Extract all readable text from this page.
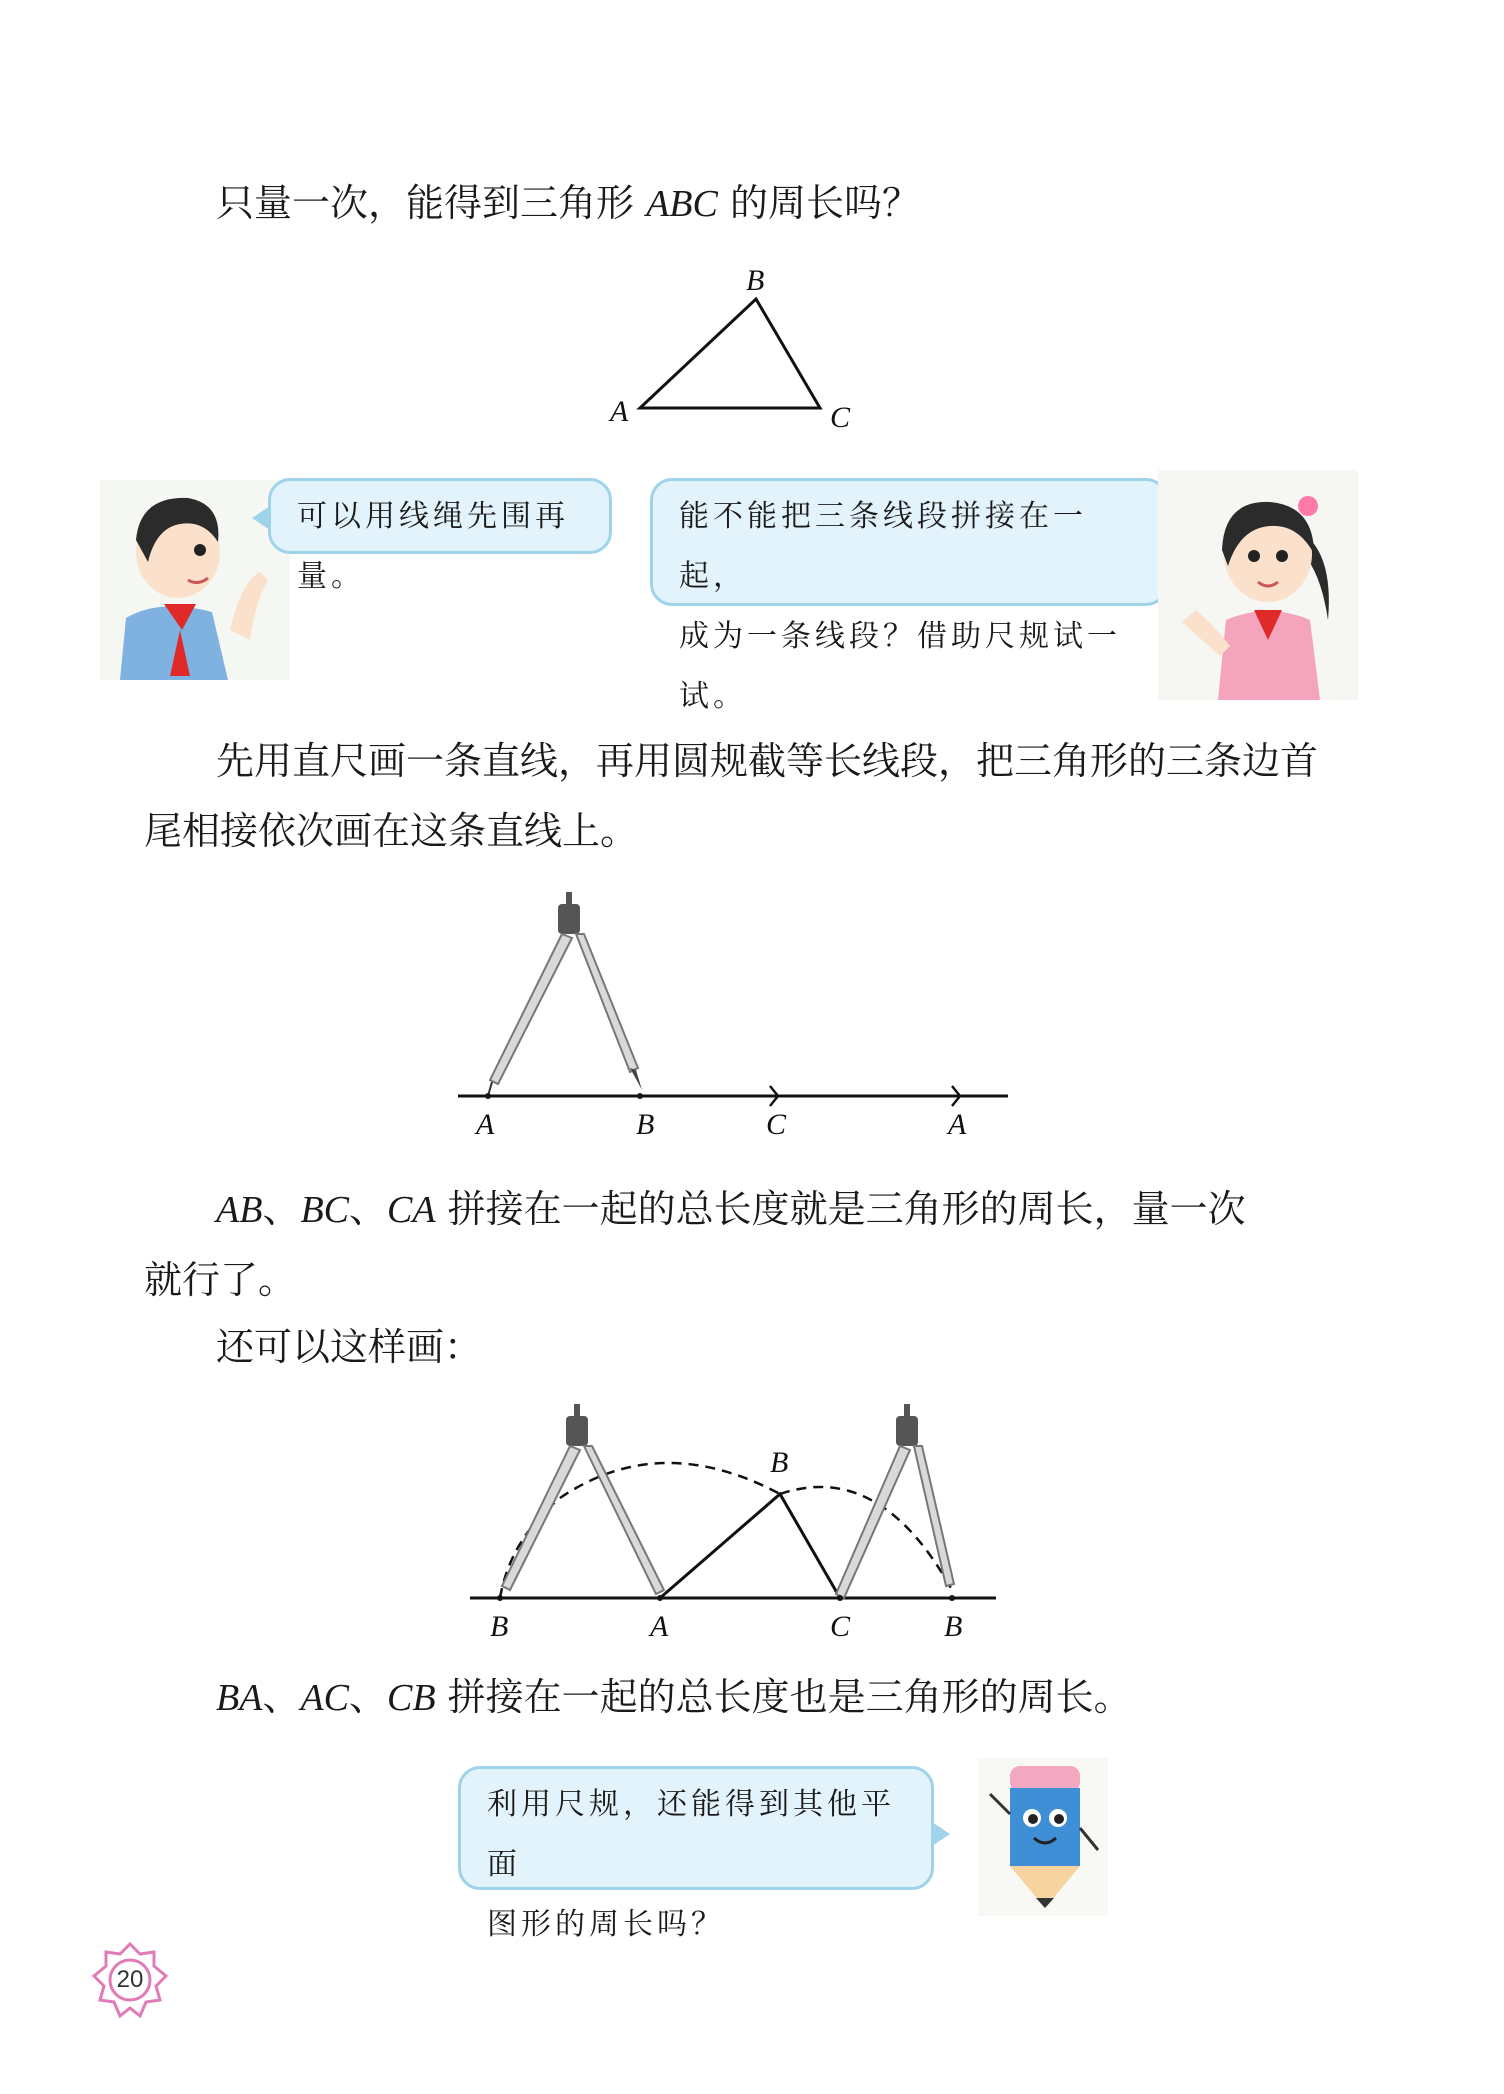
只量一次，能得到三角形 ABC 的周长吗？

B
A	C
可以用线绳先围再量。
能不能把三条线段拼接在一起，
成为一条线段？借助尺规试一试。

先用直尺画一条直线，再用圆规截等长线段，把三角形的三条边首
尾相接依次画在这条直线上。

A	B	C	A

AB、BC、CA 拼接在一起的总长度就是三角形的周长，量一次
就行了。

还可以这样画：

B
B	A	C	B

BA、AC、CB 拼接在一起的总长度也是三角形的周长。

利用尺规，还能得到其他平面
图形的周长吗？
20
